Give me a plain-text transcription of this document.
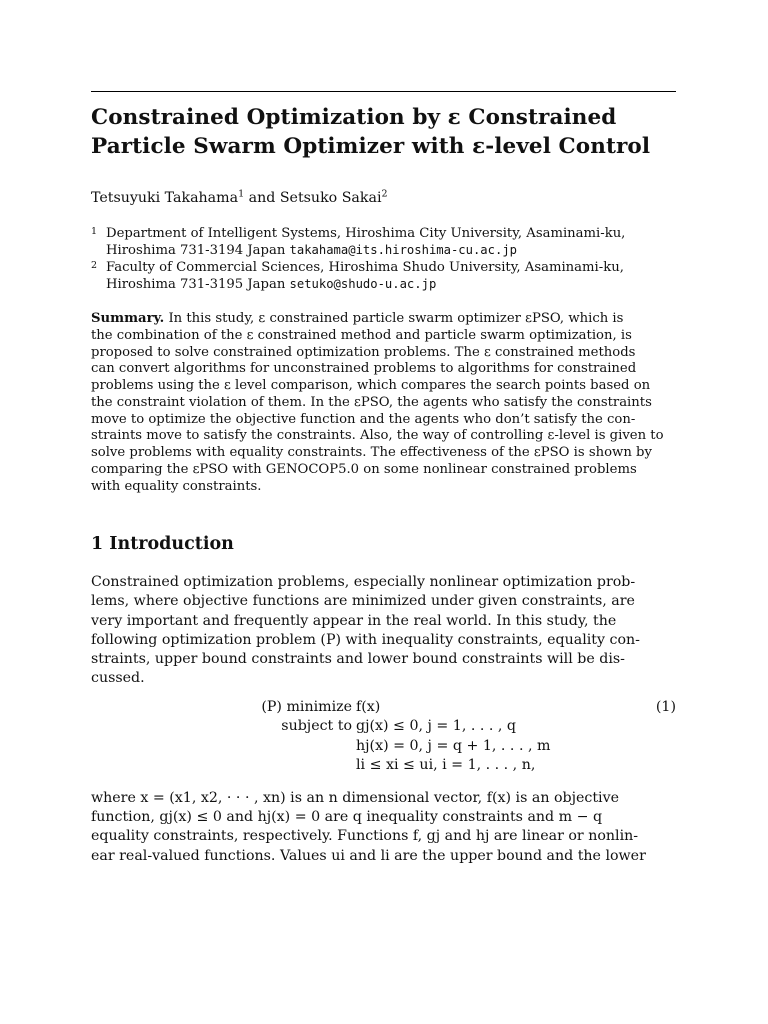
Constrained Optimization by ε Constrained
Particle Swarm Optimizer with ε-level Control
Tetsuyuki Takahama$^1$ and Setsuko Sakai$^2$
1 Department of Intelligent Systems, Hiroshima City University, Asaminami-ku,
Hiroshima 731-3194 Japan takahama@its.hiroshima-cu.ac.jp
2 Faculty of Commercial Sciences, Hiroshima Shudo University, Asaminami-ku,
Hiroshima 731-3195 Japan setuko@shudo-u.ac.jp
Summary. In this study, ε constrained particle swarm optimizer εPSO, which is
the combination of the ε constrained method and particle swarm optimization, is
proposed to solve constrained optimization problems. The ε constrained methods
can convert algorithms for unconstrained problems to algorithms for constrained
problems using the ε level comparison, which compares the search points based on
the constraint violation of them. In the εPSO, the agents who satisfy the constraints
move to optimize the objective function and the agents who don’t satisfy the con-
straints move to satisfy the constraints. Also, the way of controlling ε-level is given to
solve problems with equality constraints. The effectiveness of the εPSO is shown by
comparing the εPSO with GENOCOP5.0 on some nonlinear constrained problems
with equality constraints.
1 Introduction
Constrained optimization problems, especially nonlinear optimization prob-
lems, where objective functions are minimized under given constraints, are
very important and frequently appear in the real world. In this study, the
following optimization problem (P) with inequality constraints, equality con-
straints, upper bound constraints and lower bound constraints will be dis-
cussed.
(P) minimize f(x)	(1)
subject to gj(x) ≤ 0, j = 1, . . . , q
hj(x) = 0, j = q + 1, . . . , m
li ≤ xi ≤ ui, i = 1, . . . , n,
where x = (x1, x2, · · · , xn) is an n dimensional vector, f(x) is an objective
function, gj(x) ≤ 0 and hj(x) = 0 are q inequality constraints and m − q
equality constraints, respectively. Functions f, gj and hj are linear or nonlin-
ear real-valued functions. Values ui and li are the upper bound and the lower
